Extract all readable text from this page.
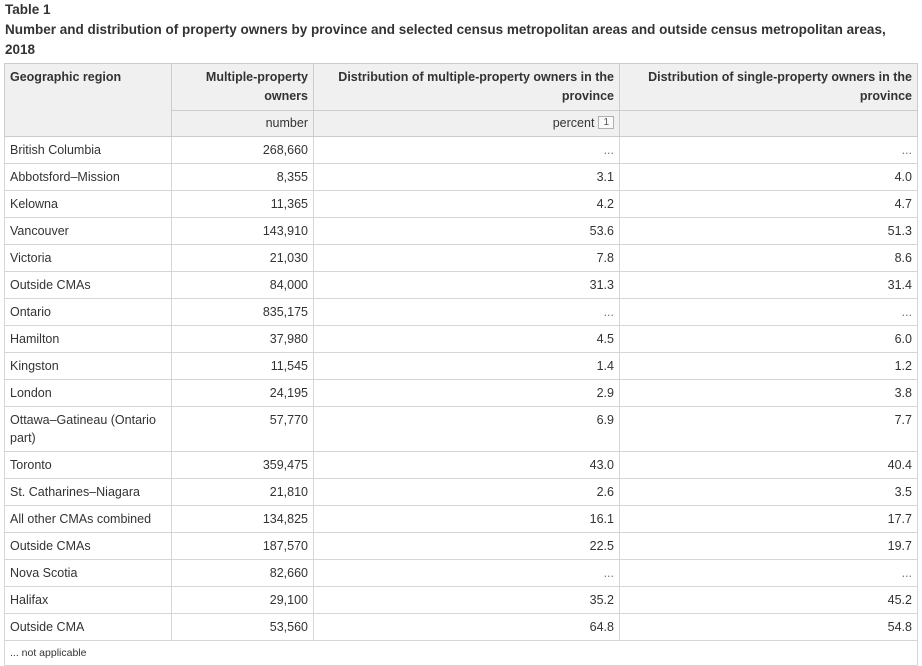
Table 1
Number and distribution of property owners by province and selected census metropolitan areas and outside census metropolitan areas, 2018
Geographic region	Multiple-property owners	Distribution of multiple-property owners in the province	Distribution of single-property owners in the province
	number	percent 1	
British Columbia	268,660	...	...
Abbotsford–Mission	8,355	3.1	4.0
Kelowna	11,365	4.2	4.7
Vancouver	143,910	53.6	51.3
Victoria	21,030	7.8	8.6
Outside CMAs	84,000	31.3	31.4
Ontario	835,175	...	...
Hamilton	37,980	4.5	6.0
Kingston	11,545	1.4	1.2
London	24,195	2.9	3.8
Ottawa–Gatineau (Ontario part)	57,770	6.9	7.7
Toronto	359,475	43.0	40.4
St. Catharines–Niagara	21,810	2.6	3.5
All other CMAs combined	134,825	16.1	17.7
Outside CMAs	187,570	22.5	19.7
Nova Scotia	82,660	...	...
Halifax	29,100	35.2	45.2
Outside CMA	53,560	64.8	54.8
... not applicable			
